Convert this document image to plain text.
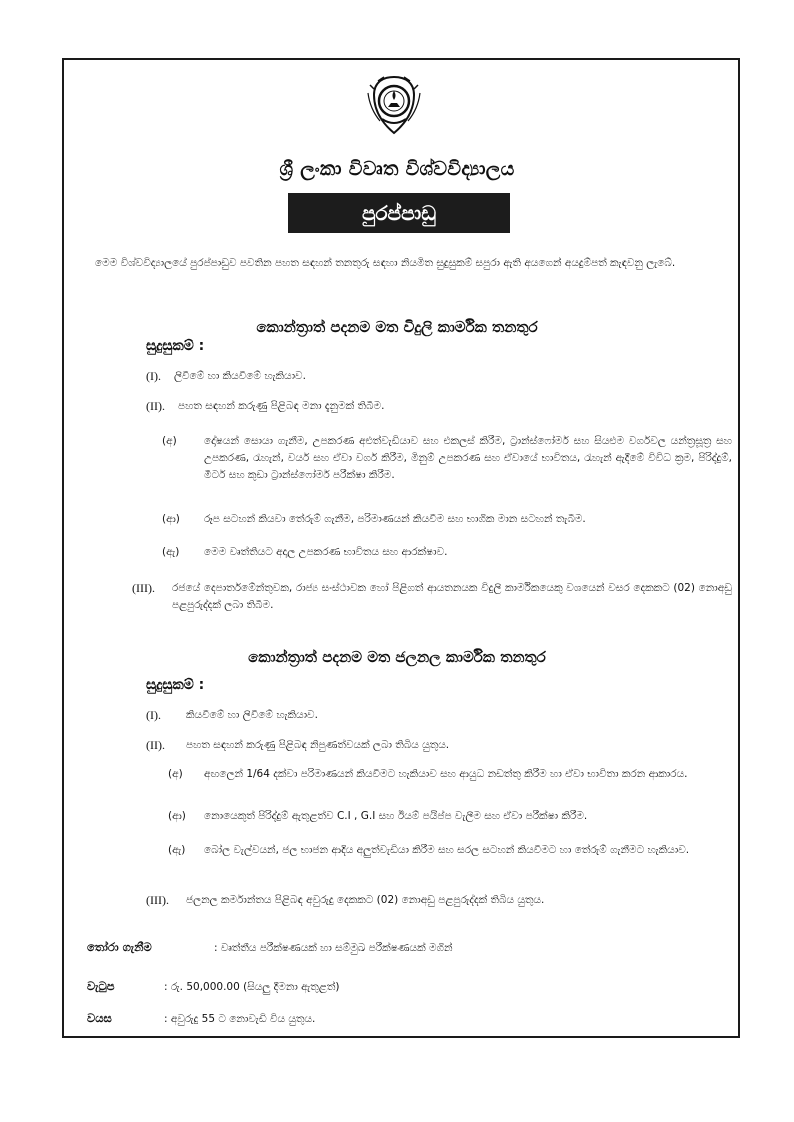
ශ්‍රී ලංකා විවෘත විශ්වවිද්‍යාලය
පුරප්පාඩු
මෙම විශ්වවිද්‍යාලයේ පුරප්පාඩුව පවතින පහත සඳහන් තනතුරු සඳහා නියමිත සුදුසුකම් සපුරා ඇති අයගෙන් අයදුම්පත් කැඳවනු ලැබේ.
කොන්ත්‍රාත් පදනම මත විදුලි කාර්මික තනතුර
සුදුසුකම් :
(I). ලිවීමේ හා කියවීමේ හැකියාව.
(II). පහත සඳහන් කරුණු පිළිබඳ මනා දැනුමක් තිබීම.
(අ)	දෝෂයන් සොයා ගැනීම, උපකරණ අළුත්වැඩියාව සහ එකලස් කිරීම, ට්‍රාන්ස්ෆෝමර් සහ සියළුම වර්ගවල යන්ත්‍රසූත්‍ර සහ උපකරණ, රැහැන්, වයර් සහ ඒවා වර්ග කිරීම, මිනුම් උපකරණ සහ ඒවායේ භාවිතය, රැහැන් ඇදීමේ විවිධ ක්‍රම, පිරිද්දුම්, මීටර් සහ කුඩා ට්‍රාන්ස්ෆෝමර් පරීක්ෂා කිරීම.
(ආ) රූප සටහන් කියවා තේරුම් ගැනීම, පරිමාණයන් කියවීම සහ භාගික මාන සටහන් තැබීම.
(ඇ) මෙම වෘත්තියට අදාල උපකරණ භාවිතය සහ ආරක්ෂාව.
(III). රජයේ දෙපාර්තමේන්තුවක, රාජ්‍ය සංස්ථාවක හෝ පිළිගත් ආයතනයක විදුලි කාර්මිකයෙකු වශයෙන් වසර දෙකකට (02) නොඅඩු පළපුරුද්දක් ලබා තිබීම.
කොන්ත්‍රාත් පදනම මත ජලනල කාර්මික තනතුර
සුදුසුකම් :
(I). කියවීමේ හා ලිවීමේ හැකියාව.
(II). පහත සඳහන් කරුණු පිළිබඳ නිපුණත්වයක් ලබා තිබිය යුතුය.
(අ) අඟලෙන් 1/64 දක්වා පරිමාණයන් කියවීමට හැකියාව සහ ආයුධ නඩත්තු කිරීම හා ඒවා භාවිතා කරන ආකාරය.
(ආ) නොයෙකුත් පිරිද්දුම් ඇතුළත්ව C.I , G.I සහ ඊයම් පයිප්ප වැලීම සහ ඒවා පරීක්ෂා කිරීම.
(ඇ) බෝල වැල්වයන්, ජල භාජන ආදිය අලුත්වැඩියා කිරීම සහ සරල සටහන් කියවීමට හා තේරුම් ගැනීමට හැකියාව.
(III). ජලනල කර්මාන්තය පිළිබඳ අවුරුදු දෙකකට (02) නොඅඩු පළපුරුද්දක් තිබිය යුතුය.
තෝරා ගැනීම	: වෘත්තීය පරීක්ෂණයක් හා සම්මුඛ පරීක්ෂණයක් මගින්
වැටුප	: රු. 50,000.00 (සියලු දීමනා ඇතුළත්)
වයස	: අවුරුදු 55 ට නොවැඩි විය යුතුය.
